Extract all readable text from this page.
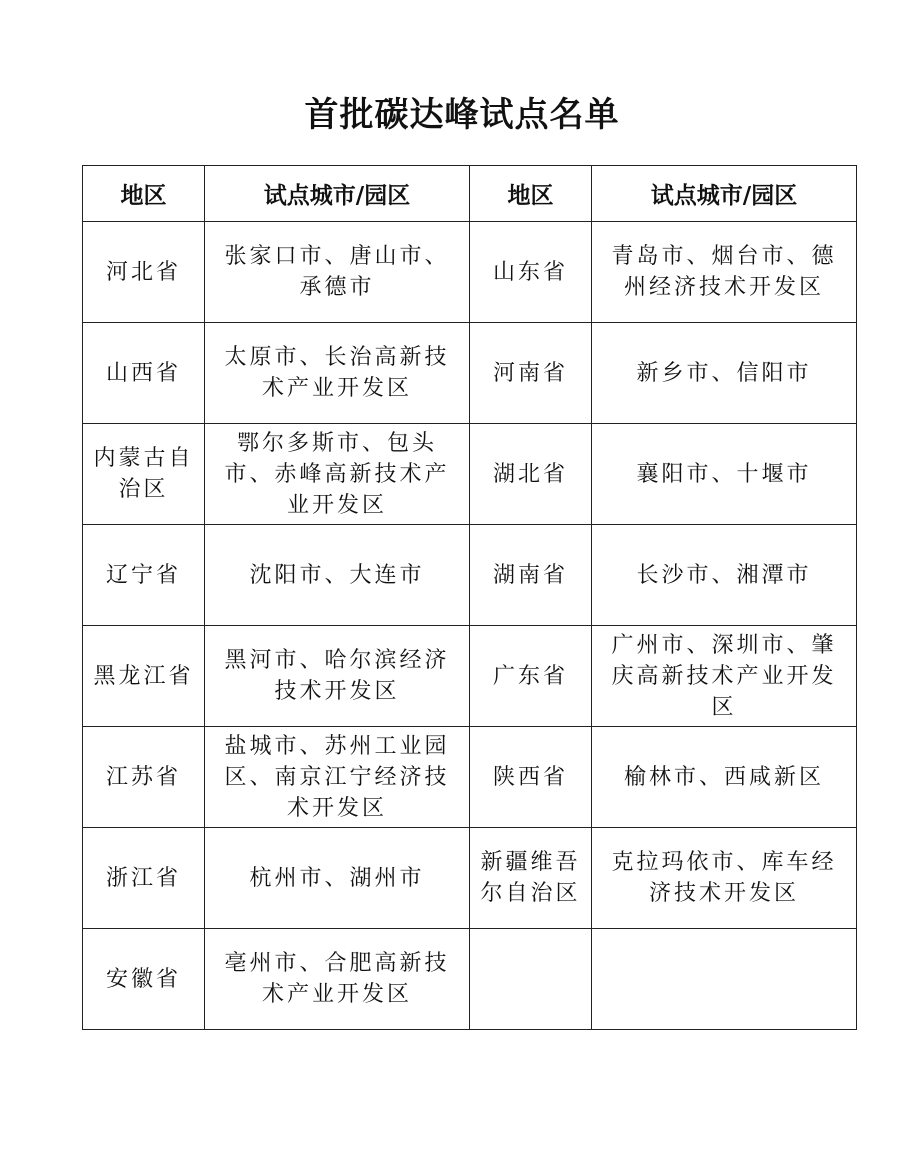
首批碳达峰试点名单
地区	试点城市/园区	地区	试点城市/园区
河北省	张家口市、唐山市、承德市	山东省	青岛市、烟台市、德州经济技术开发区
山西省	太原市、长治高新技术产业开发区	河南省	新乡市、信阳市
内蒙古自治区	鄂尔多斯市、包头市、赤峰高新技术产业开发区	湖北省	襄阳市、十堰市
辽宁省	沈阳市、大连市	湖南省	长沙市、湘潭市
黑龙江省	黑河市、哈尔滨经济技术开发区	广东省	广州市、深圳市、肇庆高新技术产业开发区
江苏省	盐城市、苏州工业园区、南京江宁经济技术开发区	陕西省	榆林市、西咸新区
浙江省	杭州市、湖州市	新疆维吾尔自治区	克拉玛依市、库车经济技术开发区
安徽省	亳州市、合肥高新技术产业开发区		
